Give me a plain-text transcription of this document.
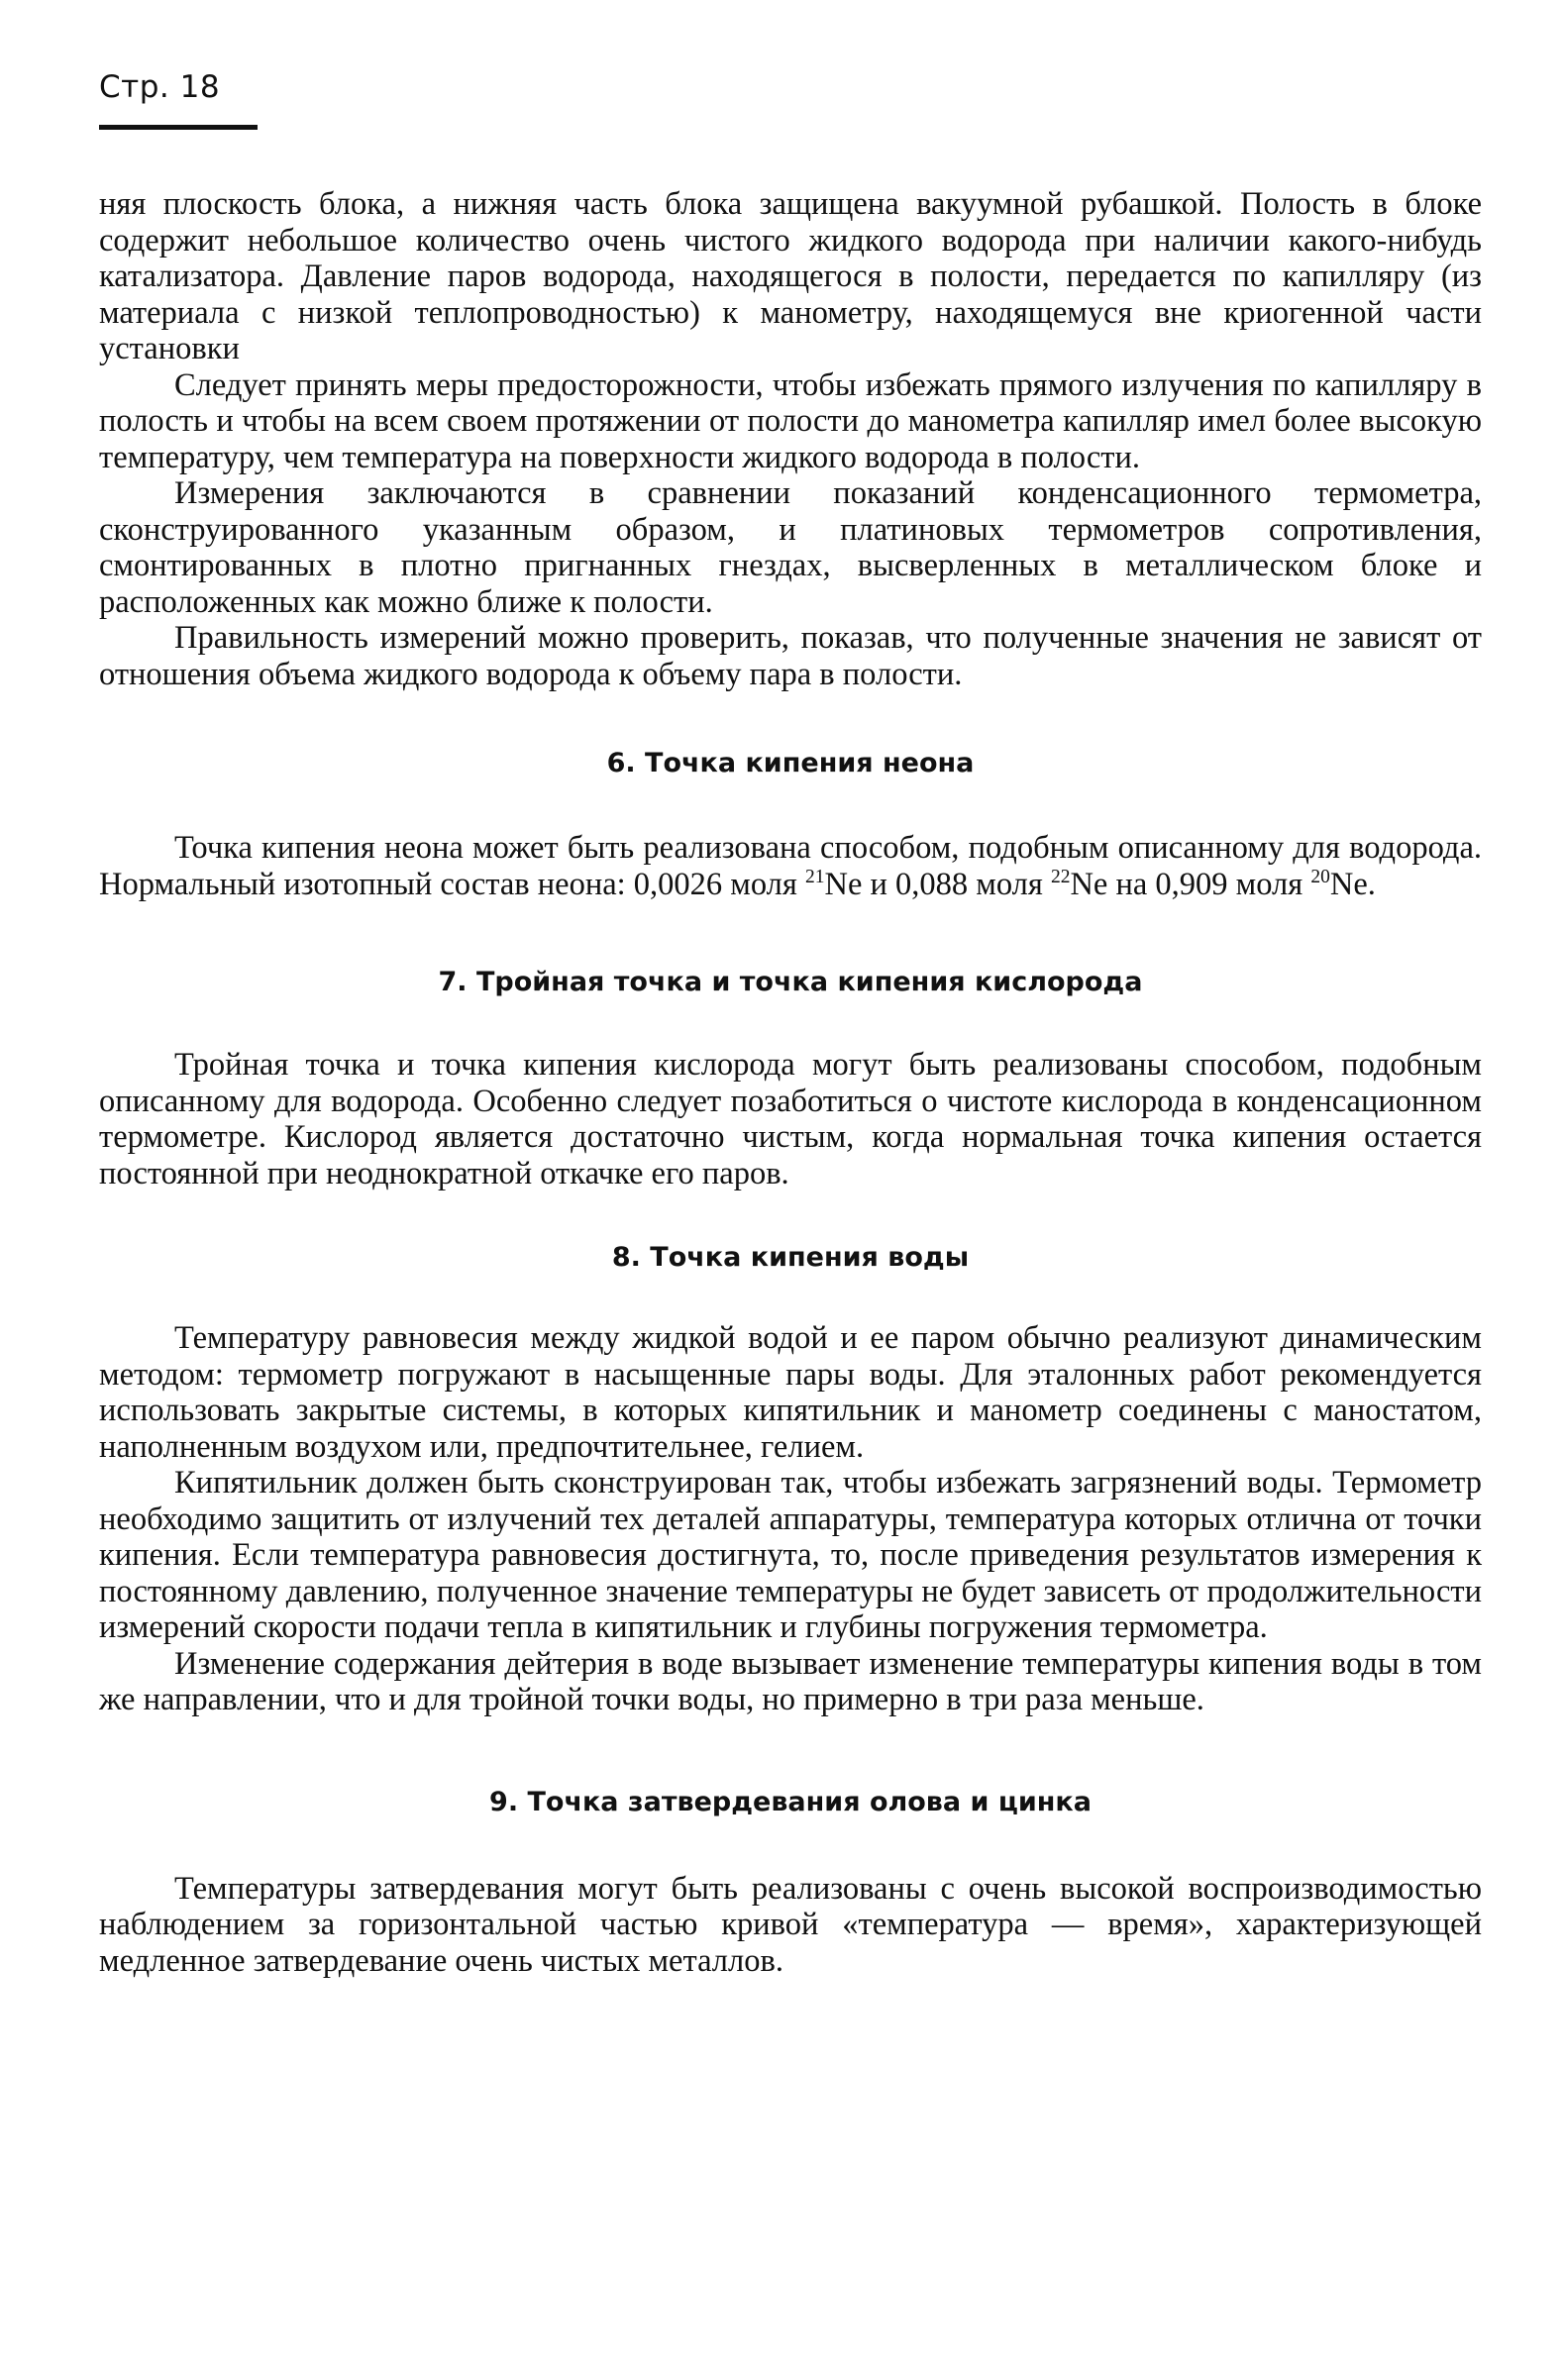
Стр. 18

няя плоскость блока, а нижняя часть блока защищена вакуумной рубашкой. Полость в блоке содержит небольшое количество очень чистого жидкого водорода при наличии какого-нибудь катализатора. Давление паров водорода, находящегося в полости, передается по капилляру (из материала с низкой теплопроводностью) к манометру, находящемуся вне криогенной части установки

Следует принять меры предосторожности, чтобы избежать прямого излучения по капилляру в полость и чтобы на всем своем протяжении от полости до манометра капилляр имел более высокую температуру, чем температура на поверхности жидкого водорода в полости.

Измерения заключаются в сравнении показаний конденсационного термометра, сконструированного указанным образом, и платиновых термометров сопротивления, смонтированных в плотно пригнанных гнездах, высверленных в металлическом блоке и расположенных как можно ближе к полости.

Правильность измерений можно проверить, показав, что полученные значения не зависят от отношения объема жидкого водорода к объему пара в полости.

6. Точка кипения неона

Точка кипения неона может быть реализована способом, подобным описанному для водорода. Нормальный изотопный состав неона: 0,0026 моля $^{21}$Ne и 0,088 моля $^{22}$Ne на 0,909 моля $^{20}$Ne.

7. Тройная точка и точка кипения кислорода

Тройная точка и точка кипения кислорода могут быть реализованы способом, подобным описанному для водорода. Особенно следует позаботиться о чистоте кислорода в конденсационном термометре. Кислород является достаточно чистым, когда нормальная точка кипения остается постоянной при неоднократной откачке его паров.

8. Точка кипения воды

Температуру равновесия между жидкой водой и ее паром обычно реализуют динамическим методом: термометр погружают в насыщенные пары воды. Для эталонных работ рекомендуется использовать закрытые системы, в которых кипятильник и манометр соединены с маностатом, наполненным воздухом или, предпочтительнее, гелием.

Кипятильник должен быть сконструирован так, чтобы избежать загрязнений воды. Термометр необходимо защитить от излучений тех деталей аппаратуры, температура которых отлична от точки кипения. Если температура равновесия достигнута, то, после приведения результатов измерения к постоянному давлению, полученное значение температуры не будет зависеть от продолжительности измерений скорости подачи тепла в кипятильник и глубины погружения термометра.

Изменение содержания дейтерия в воде вызывает изменение температуры кипения воды в том же направлении, что и для тройной точки воды, но примерно в три раза меньше.

9. Точка затвердевания олова и цинка

Температуры затвердевания могут быть реализованы с очень высокой воспроизводимостью наблюдением за горизонтальной частью кривой «температура — время», характеризующей медленное затвердевание очень чистых металлов.
